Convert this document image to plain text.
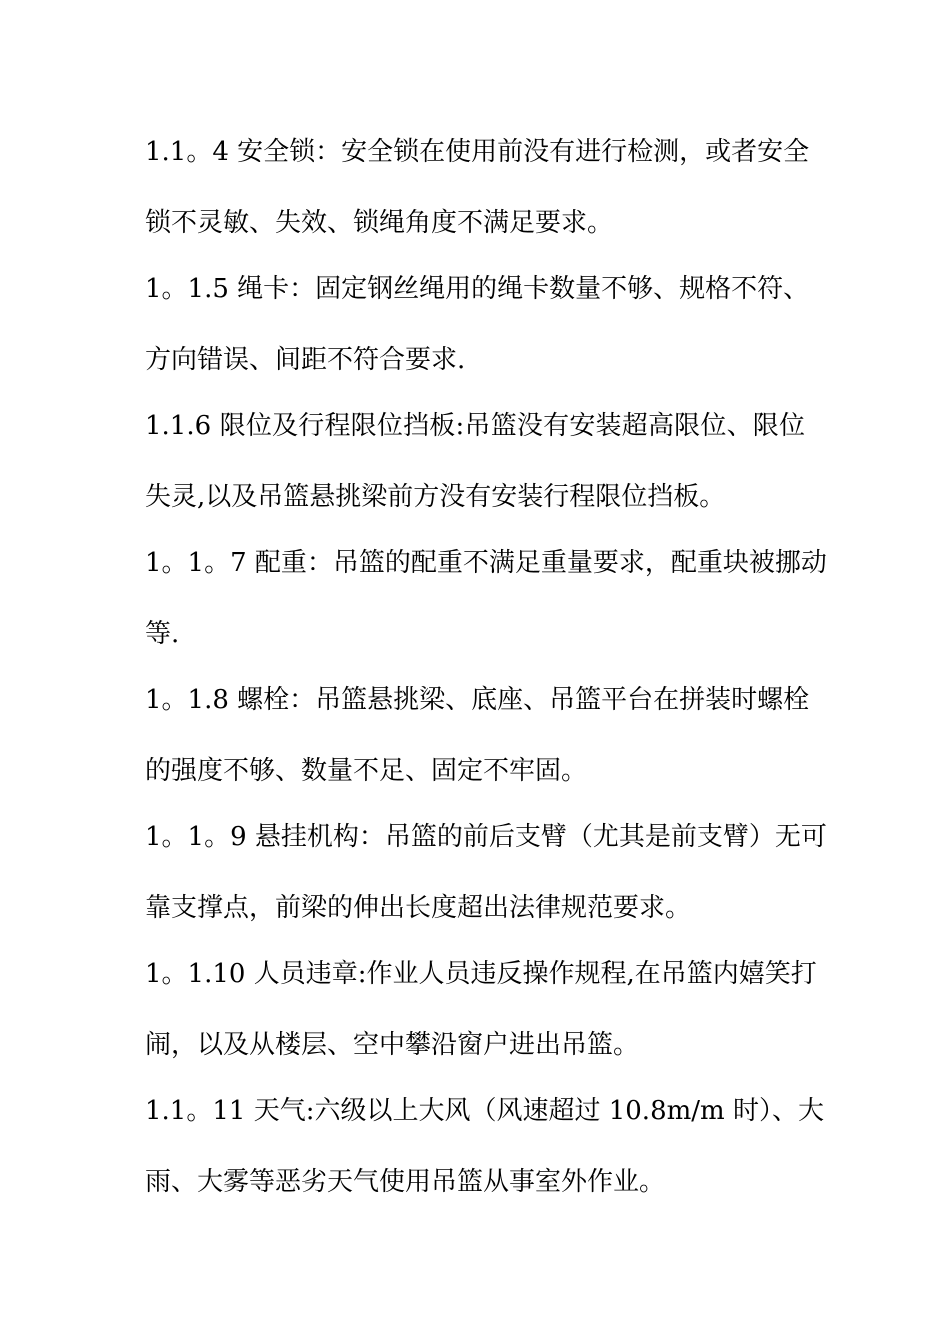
1.1。4 安全锁：安全锁在使用前没有进行检测，或者安全
锁不灵敏、失效、锁绳角度不满足要求。
1。1.5 绳卡：固定钢丝绳用的绳卡数量不够、规格不符、
方向错误、间距不符合要求.
1.1.6 限位及行程限位挡板:吊篮没有安装超高限位、限位
失灵,以及吊篮悬挑梁前方没有安装行程限位挡板。
1。1。7 配重：吊篮的配重不满足重量要求，配重块被挪动
等.
1。1.8 螺栓：吊篮悬挑梁、底座、吊篮平台在拼装时螺栓
的强度不够、数量不足、固定不牢固。
1。1。9 悬挂机构：吊篮的前后支臂（尤其是前支臂）无可
靠支撑点，前梁的伸出长度超出法律规范要求。
1。1.10 人员违章:作业人员违反操作规程,在吊篮内嬉笑打
闹，以及从楼层、空中攀沿窗户进出吊篮。
1.1。11 天气:六级以上大风（风速超过 10.8m/m 时）、大
雨、大雾等恶劣天气使用吊篮从事室外作业。
